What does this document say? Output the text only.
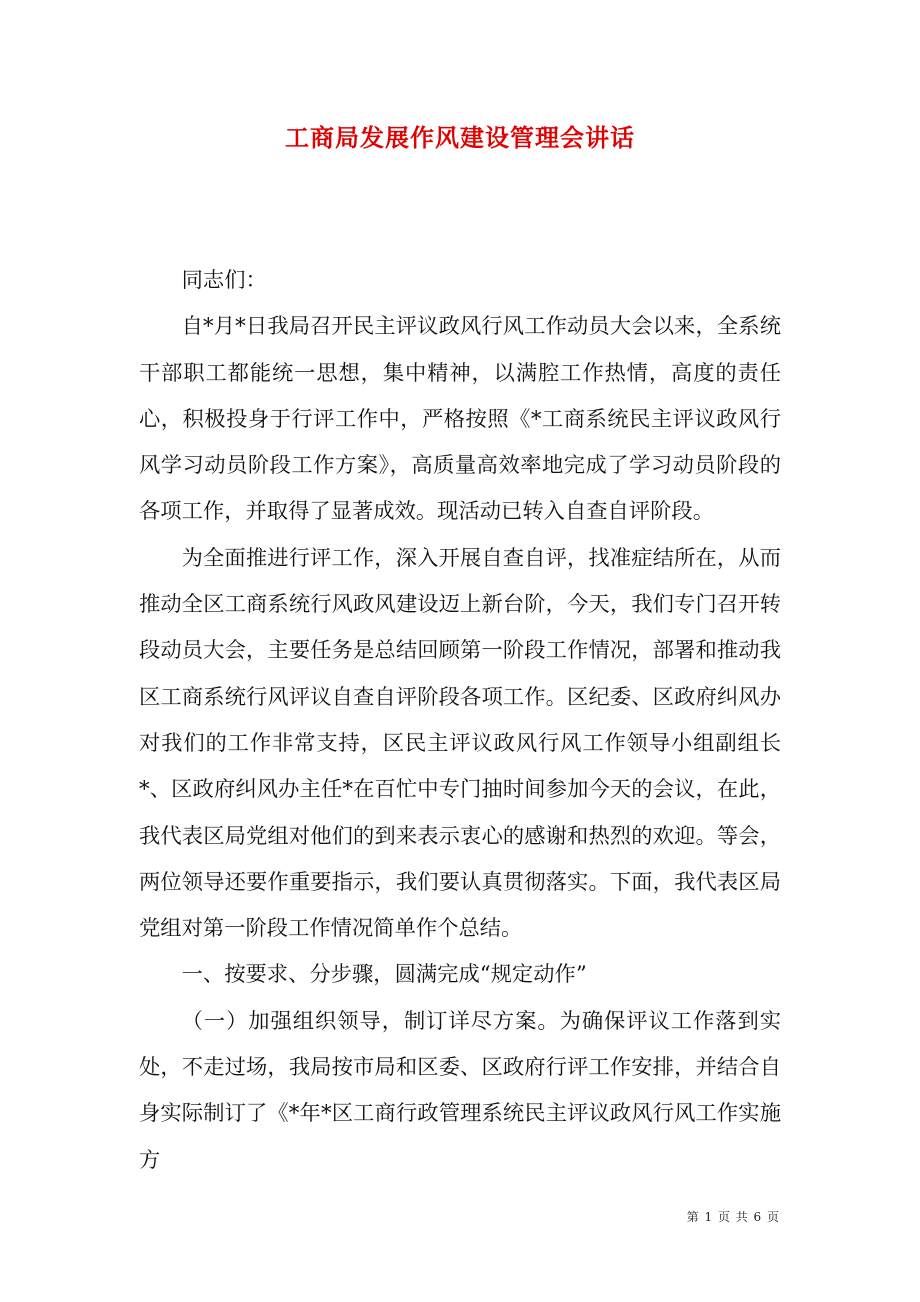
工商局发展作风建设管理会讲话

同志们：

自*月*日我局召开民主评议政风行风工作动员大会以来，全系统干部职工都能统一思想，集中精神，以满腔工作热情，高度的责任心，积极投身于行评工作中，严格按照《*工商系统民主评议政风行风学习动员阶段工作方案》，高质量高效率地完成了学习动员阶段的各项工作，并取得了显著成效。现活动已转入自查自评阶段。

为全面推进行评工作，深入开展自查自评，找准症结所在，从而推动全区工商系统行风政风建设迈上新台阶，今天，我们专门召开转段动员大会，主要任务是总结回顾第一阶段工作情况，部署和推动我区工商系统行风评议自查自评阶段各项工作。区纪委、区政府纠风办对我们的工作非常支持，区民主评议政风行风工作领导小组副组长*、区政府纠风办主任*在百忙中专门抽时间参加今天的会议，在此，我代表区局党组对他们的到来表示衷心的感谢和热烈的欢迎。等会，两位领导还要作重要指示，我们要认真贯彻落实。下面，我代表区局党组对第一阶段工作情况简单作个总结。

一、按要求、分步骤，圆满完成“规定动作”

（一）加强组织领导，制订详尽方案。为确保评议工作落到实处，不走过场，我局按市局和区委、区政府行评工作安排，并结合自身实际制订了《*年*区工商行政管理系统民主评议政风行风工作实施方

第 1 页 共 6 页
